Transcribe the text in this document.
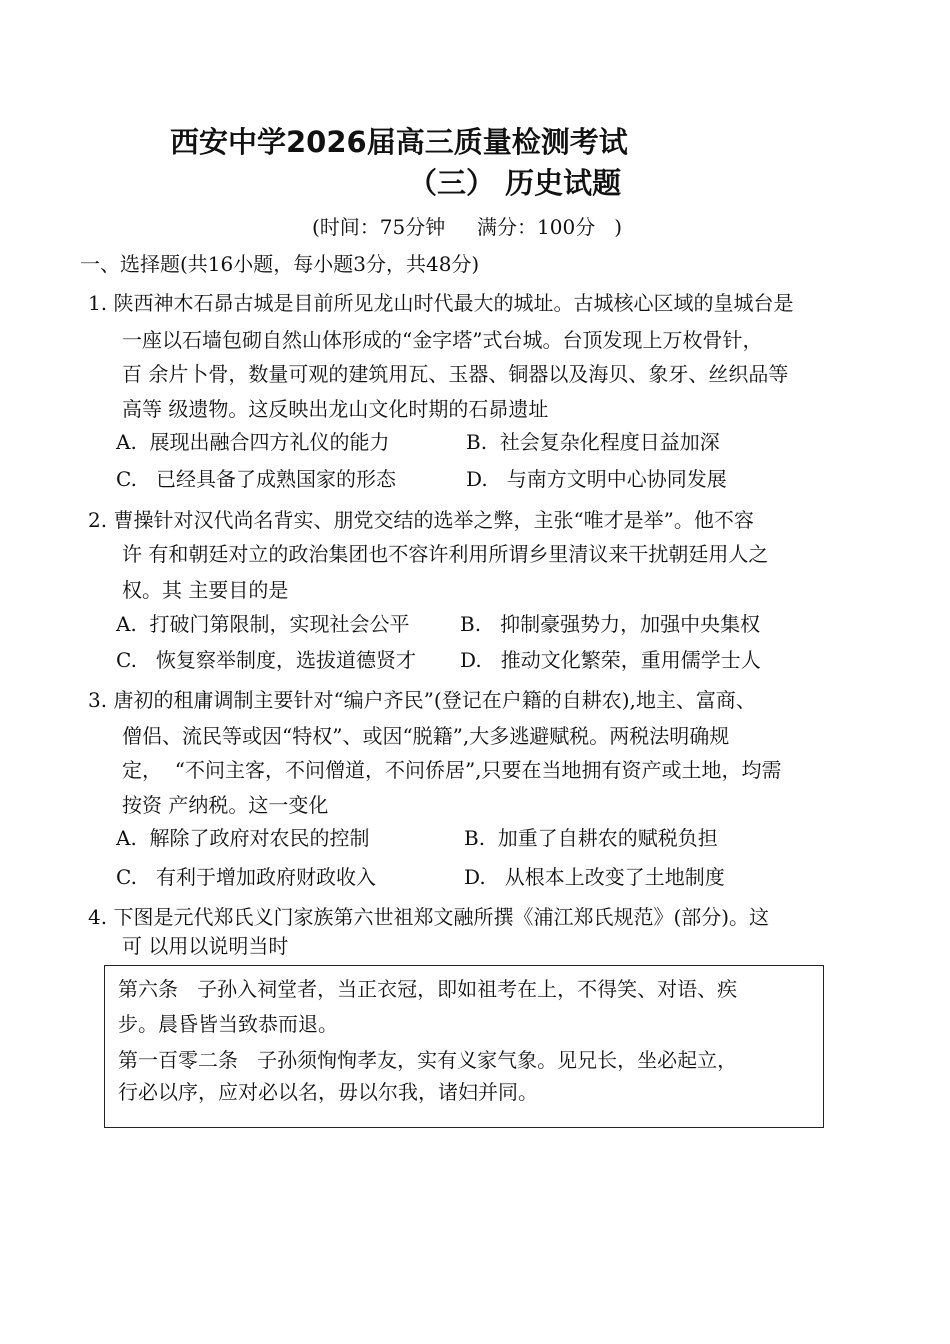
西安中学2026届高三质量检测考试
（三） 历史试题
(时间：75分钟     满分：100分   )
一、选择题(共16小题，每小题3分，共48分)
1. 陕西神木石昴古城是目前所见龙山时代最大的城址。古城核心区域的皇城台是
一座以石墙包砌自然山体形成的“金字塔”式台城。台顶发现上万枚骨针，
百 余片卜骨，数量可观的建筑用瓦、玉器、铜器以及海贝、象牙、丝织品等
高等 级遗物。这反映出龙山文化时期的石昴遗址
A.  展现出融合四方礼仪的能力	B.  社会复杂化程度日益加深
C.   已经具备了成熟国家的形态	D.   与南方文明中心协同发展
2. 曹操针对汉代尚名背实、朋党交结的选举之弊，主张“唯才是举”。他不容
许 有和朝廷对立的政治集团也不容许利用所谓乡里清议来干扰朝廷用人之
权。其 主要目的是
A.  打破门第限制，实现社会公平	B.   抑制豪强势力，加强中央集权
C.   恢复察举制度，选拔道德贤才 D.   推动文化繁荣，重用儒学士人
3. 唐初的租庸调制主要针对“编户齐民”(登记在户籍的自耕农),地主、富商、
僧侣、流民等或因“特权”、或因“脱籍”,大多逃避赋税。两税法明确规
定，  “不问主客，不问僧道，不问侨居”,只要在当地拥有资产或土地，均需
按资 产纳税。这一变化
A.  解除了政府对农民的控制	B.  加重了自耕农的赋税负担
C.   有利于增加政府财政收入	D.   从根本上改变了土地制度
4. 下图是元代郑氏义门家族第六世祖郑文融所撰《浦江郑氏规范》(部分)。这
可 以用以说明当时
第六条   子孙入祠堂者，当正衣冠，即如祖考在上，不得笑、对语、疾
步。晨昏皆当致恭而退。
第一百零二条   子孙须恂恂孝友，实有义家气象。见兄长，坐必起立，
行必以序，应对必以名，毋以尔我，诸妇并同。
